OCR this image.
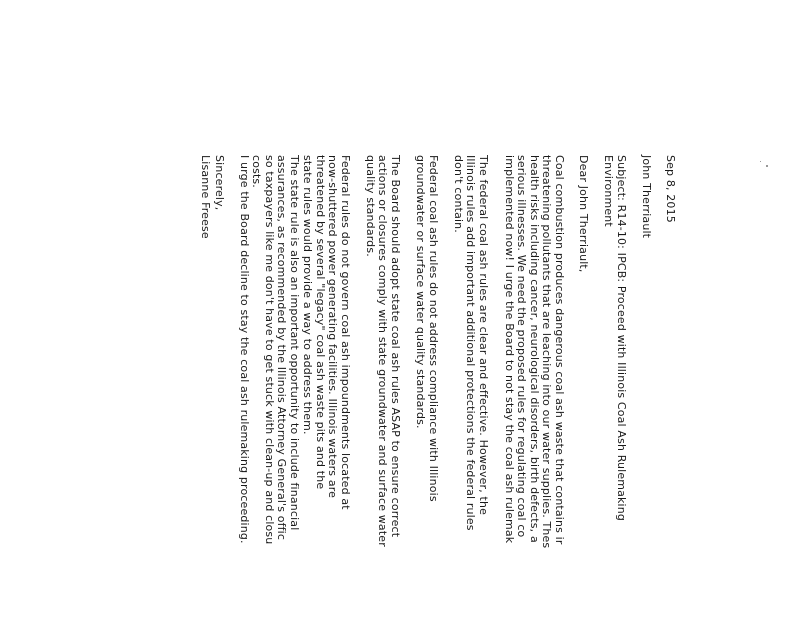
Sep 8, 2015
John Therriault
Subject: R14-10: IPCB: Proceed with Illinois Coal Ash Rulemaking
Environment
Dear John Therriault,
Coal combustion produces dangerous coal ash waste that contains ir
threatening pollutants that are leaching into our water supplies. Thes
health risks including cancer, neurological disorders, birth defects, a
serious illnesses. We need the proposed rules for regulating coal co
implemented now! I urge the Board to not stay the coal ash rulemak
The federal coal ash rules are clear and effective. However, the
Illinois rules add important additional protections the federal rules
don't contain.
Federal coal ash rules do not address compliance with Illinois
groundwater or surface water quality standards.
The Board should adopt state coal ash rules ASAP to ensure correct
actions or closures comply with state groundwater and surface water
quality standards.
Federal rules do not govern coal ash impoundments located at
now-shuttered power generating facilities. Illinois waters are
threatened by several "legacy" coal ash waste pits and the
state rules would provide a way to address them.
The state rule is also an important opportunity to include financial
assurances, as recommended by the Illinois Attorney General's offic
so taxpayers like me don't have to get stuck with clean-up and closu
costs.
I urge the Board decline to stay the coal ash rulemaking proceeding.
Sincerely,
Lisanne Freese
